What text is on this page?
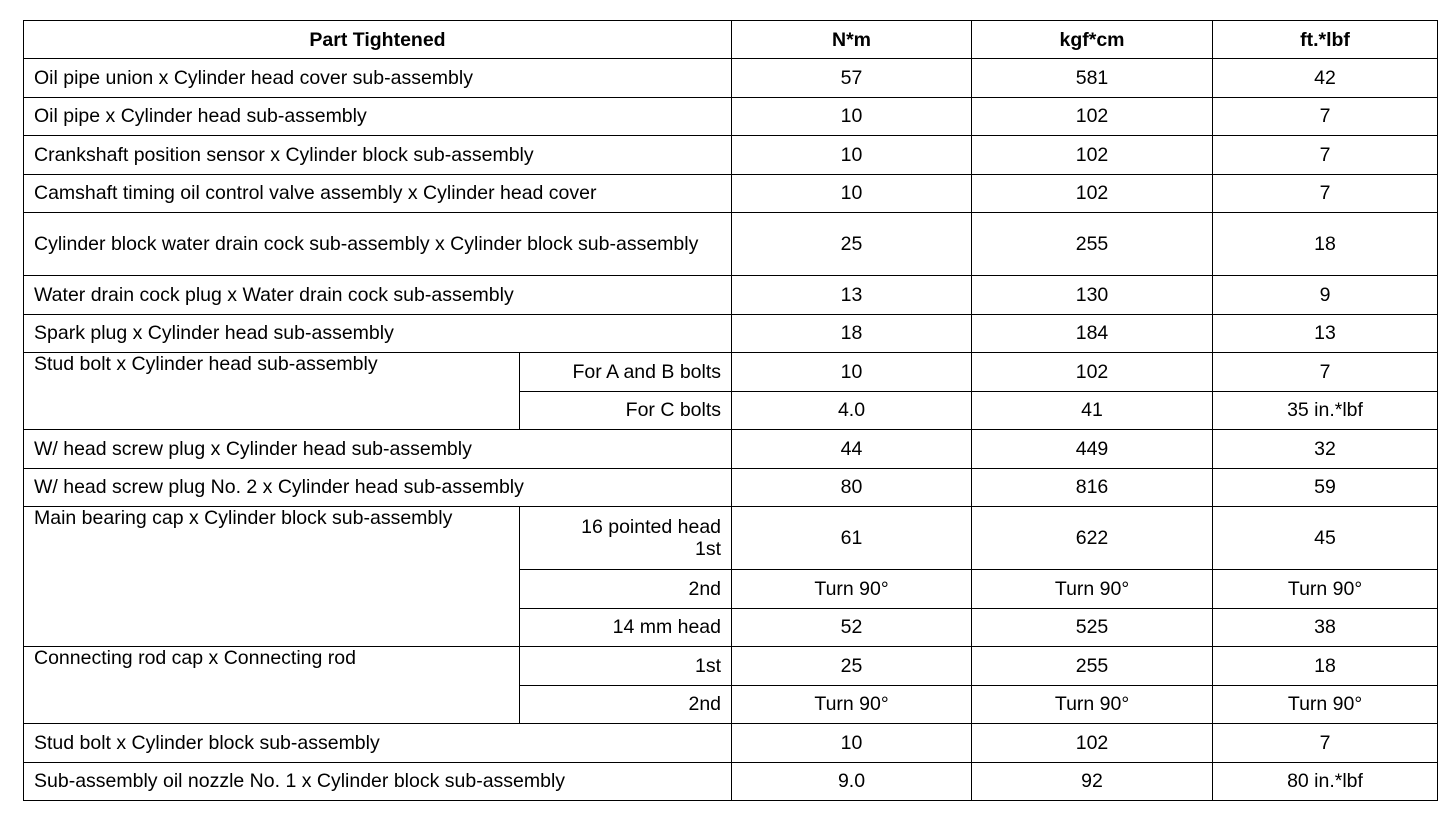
Part Tightened		N*m	kgf*cm	ft.*lbf
Oil pipe union x Cylinder head cover sub-assembly		57	581	42
Oil pipe x Cylinder head sub-assembly		10	102	7
Crankshaft position sensor x Cylinder block sub-assembly		10	102	7
Camshaft timing oil control valve assembly x Cylinder head cover		10	102	7
Cylinder block water drain cock sub-assembly x Cylinder block sub-assembly		25	255	18
Water drain cock plug x Water drain cock sub-assembly		13	130	9
Spark plug x Cylinder head sub-assembly		18	184	13
Stud bolt x Cylinder head sub-assembly	For A and B bolts	10	102	7
	For C bolts	4.0	41	35 in.*lbf
W/ head screw plug x Cylinder head sub-assembly		44	449	32
W/ head screw plug No. 2 x Cylinder head sub-assembly		80	816	59
Main bearing cap x Cylinder block sub-assembly	16 pointed head 1st	61	622	45
	2nd	Turn 90°	Turn 90°	Turn 90°
	14 mm head	52	525	38
Connecting rod cap x Connecting rod	1st	25	255	18
	2nd	Turn 90°	Turn 90°	Turn 90°
Stud bolt x Cylinder block sub-assembly		10	102	7
Sub-assembly oil nozzle No. 1 x Cylinder block sub-assembly		9.0	92	80 in.*lbf
